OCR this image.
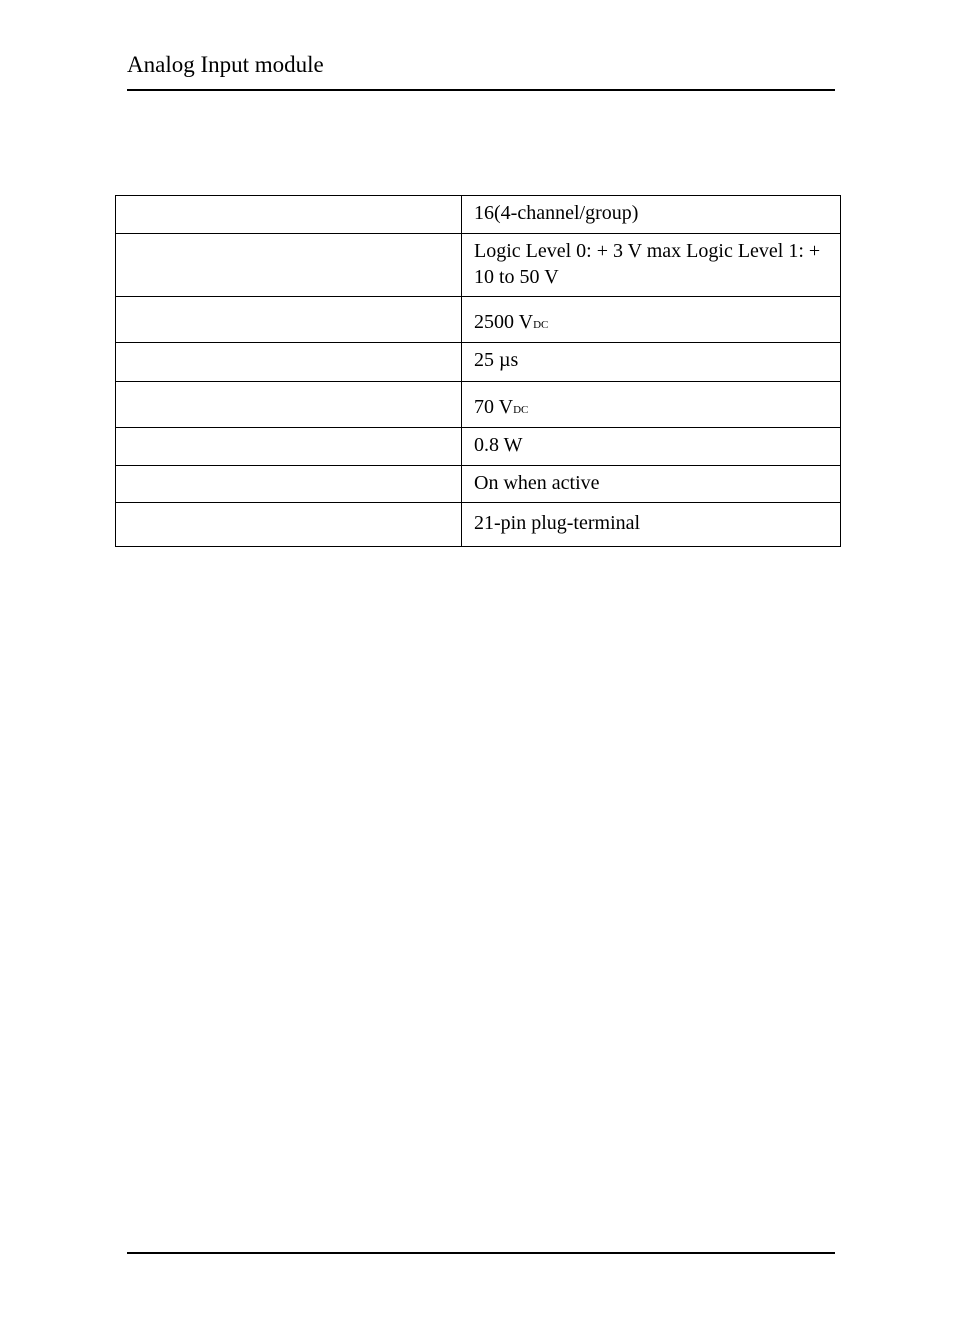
Analog Input module
	16(4-channel/group)
	Logic Level 0: + 3 V max Logic Level 1: + 10 to 50 V
	2500 VDC
	25 µs
	70 VDC
	0.8 W
	On when active
	21-pin plug-terminal
